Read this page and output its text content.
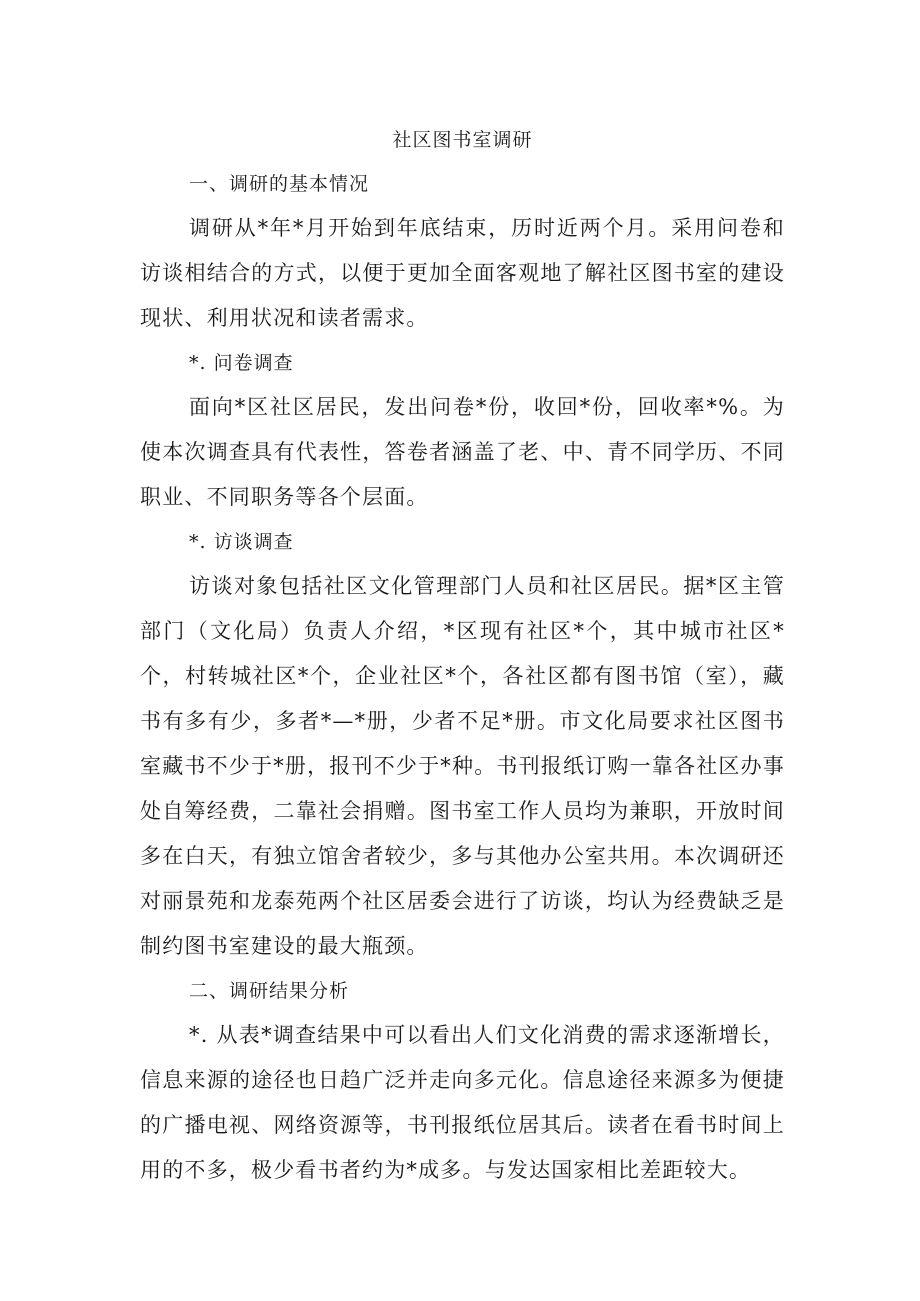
社区图书室调研
一、调研的基本情况

调研从*年*月开始到年底结束，历时近两个月。采用问卷和访谈相结合的方式，以便于更加全面客观地了解社区图书室的建设现状、利用状况和读者需求。

*. 问卷调查

面向*区社区居民，发出问卷*份，收回*份，回收率*%。为使本次调查具有代表性，答卷者涵盖了老、中、青不同学历、不同职业、不同职务等各个层面。

*. 访谈调查

访谈对象包括社区文化管理部门人员和社区居民。据*区主管部门（文化局）负责人介绍，*区现有社区*个，其中城市社区*个，村转城社区*个，企业社区*个，各社区都有图书馆（室），藏书有多有少，多者*—*册，少者不足*册。市文化局要求社区图书室藏书不少于*册，报刊不少于*种。书刊报纸订购一靠各社区办事处自筹经费，二靠社会捐赠。图书室工作人员均为兼职，开放时间多在白天，有独立馆舍者较少，多与其他办公室共用。本次调研还对丽景苑和龙泰苑两个社区居委会进行了访谈，均认为经费缺乏是制约图书室建设的最大瓶颈。

二、调研结果分析

*. 从表*调查结果中可以看出人们文化消费的需求逐渐增长，信息来源的途径也日趋广泛并走向多元化。信息途径来源多为便捷的广播电视、网络资源等，书刊报纸位居其后。读者在看书时间上用的不多，极少看书者约为*成多。与发达国家相比差距较大。
